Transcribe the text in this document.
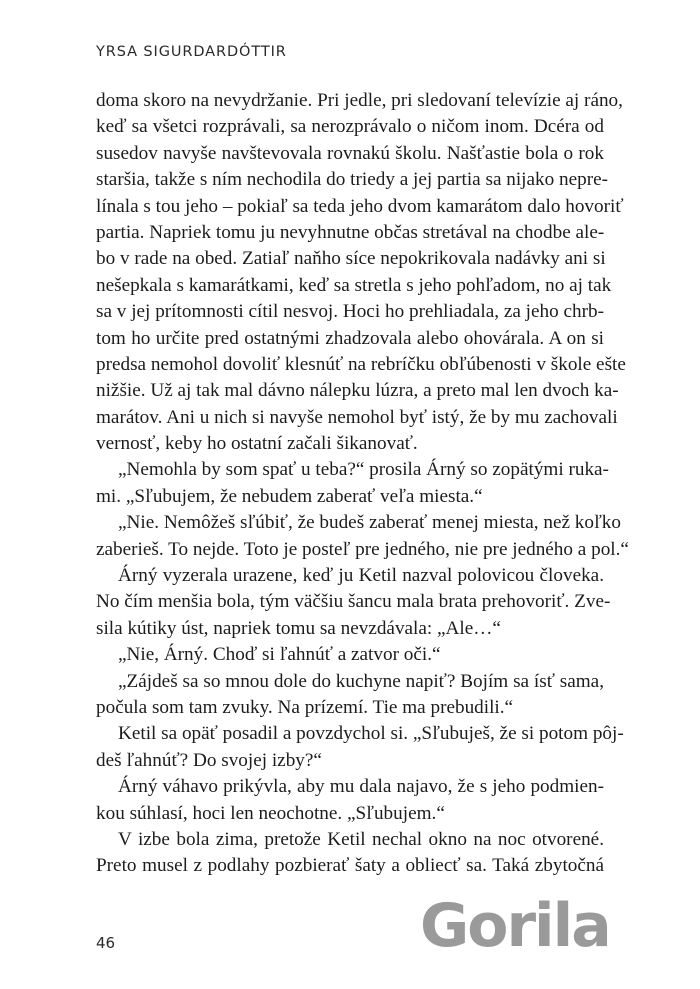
YRSA SIGURDARDÓTTIR
doma skoro na nevydržanie. Pri jedle, pri sledovaní televízie aj ráno,
keď sa všetci rozprávali, sa nerozprávalo o ničom inom. Dcéra od
susedov navyše navštevovala rovnakú školu. Našťastie bola o rok
staršia, takže s ním nechodila do triedy a jej partia sa nijako nepre-
línala s tou jeho – pokiaľ sa teda jeho dvom kamarátom dalo hovoriť
partia. Napriek tomu ju nevyhnutne občas stretával na chodbe ale-
bo v rade na obed. Zatiaľ naňho síce nepokrikovala nadávky ani si
nešepkala s kamarátkami, keď sa stretla s jeho pohľadom, no aj tak
sa v jej prítomnosti cítil nesvoj. Hoci ho prehliadala, za jeho chrb-
tom ho určite pred ostatnými zhadzovala alebo ohovárala. A on si
predsa nemohol dovoliť klesnúť na rebríčku obľúbenosti v škole ešte
nižšie. Už aj tak mal dávno nálepku lúzra, a preto mal len dvoch ka-
marátov. Ani u nich si navyše nemohol byť istý, že by mu zachovali
vernosť, keby ho ostatní začali šikanovať.
„Nemohla by som spať u teba?“ prosila Árný so zopätými ruka-
mi. „Sľubujem, že nebudem zaberať veľa miesta.“
„Nie. Nemôžeš sľúbiť, že budeš zaberať menej miesta, než koľko
zaberieš. To nejde. Toto je posteľ pre jedného, nie pre jedného a pol.“
Árný vyzerala urazene, keď ju Ketil nazval polovicou človeka.
No čím menšia bola, tým väčšiu šancu mala brata prehovoriť. Zve-
sila kútiky úst, napriek tomu sa nevzdávala: „Ale…“
„Nie, Árný. Choď si ľahnúť a zatvor oči.“
„Zájdeš sa so mnou dole do kuchyne napiť? Bojím sa ísť sama,
počula som tam zvuky. Na prízemí. Tie ma prebudili.“
Ketil sa opäť posadil a povzdychol si. „Sľubuješ, že si potom pôj-
deš ľahnúť? Do svojej izby?“
Árný váhavo prikývla, aby mu dala najavo, že s jeho podmien-
kou súhlasí, hoci len neochotne. „Sľubujem.“
V izbe bola zima, pretože Ketil nechal okno na noc otvorené.
Preto musel z podlahy pozbierať šaty a obliecť sa. Taká zbytočná
Gorila
46
